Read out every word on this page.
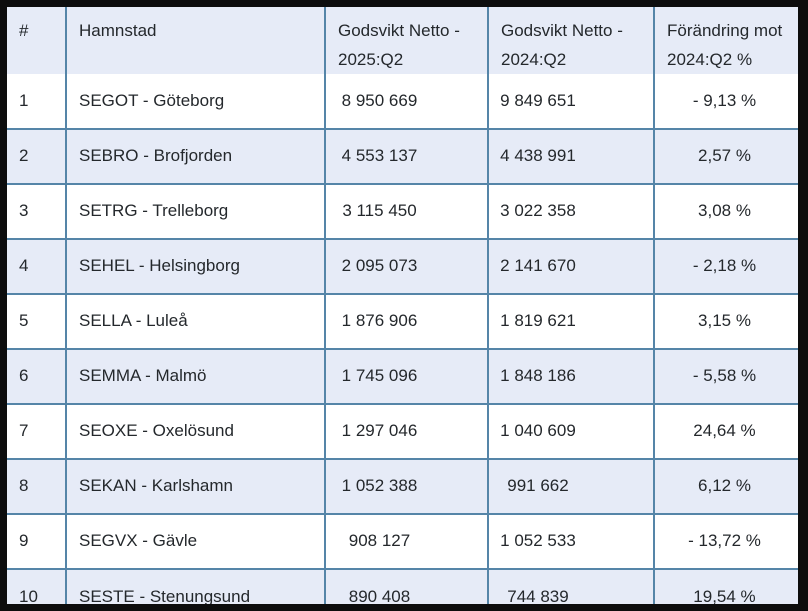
#	Hamnstad	Godsvikt Netto - 2025:Q2	Godsvikt Netto - 2024:Q2	Förändring mot 2024:Q2 %
1	SEGOT - Göteborg	8 950 669	9 849 651	- 9,13 %
2	SEBRO - Brofjorden	4 553 137	4 438 991	2,57 %
3	SETRG - Trelleborg	3 115 450	3 022 358	3,08 %
4	SEHEL - Helsingborg	2 095 073	2 141 670	- 2,18 %
5	SELLA - Luleå	1 876 906	1 819 621	3,15 %
6	SEMMA - Malmö	1 745 096	1 848 186	- 5,58 %
7	SEOXE - Oxelösund	1 297 046	1 040 609	24,64 %
8	SEKAN - Karlshamn	1 052 388	991 662	6,12 %
9	SEGVX - Gävle	908 127	1 052 533	- 13,72 %
10	SESTE - Stenungsund	890 408	744 839	19,54 %
